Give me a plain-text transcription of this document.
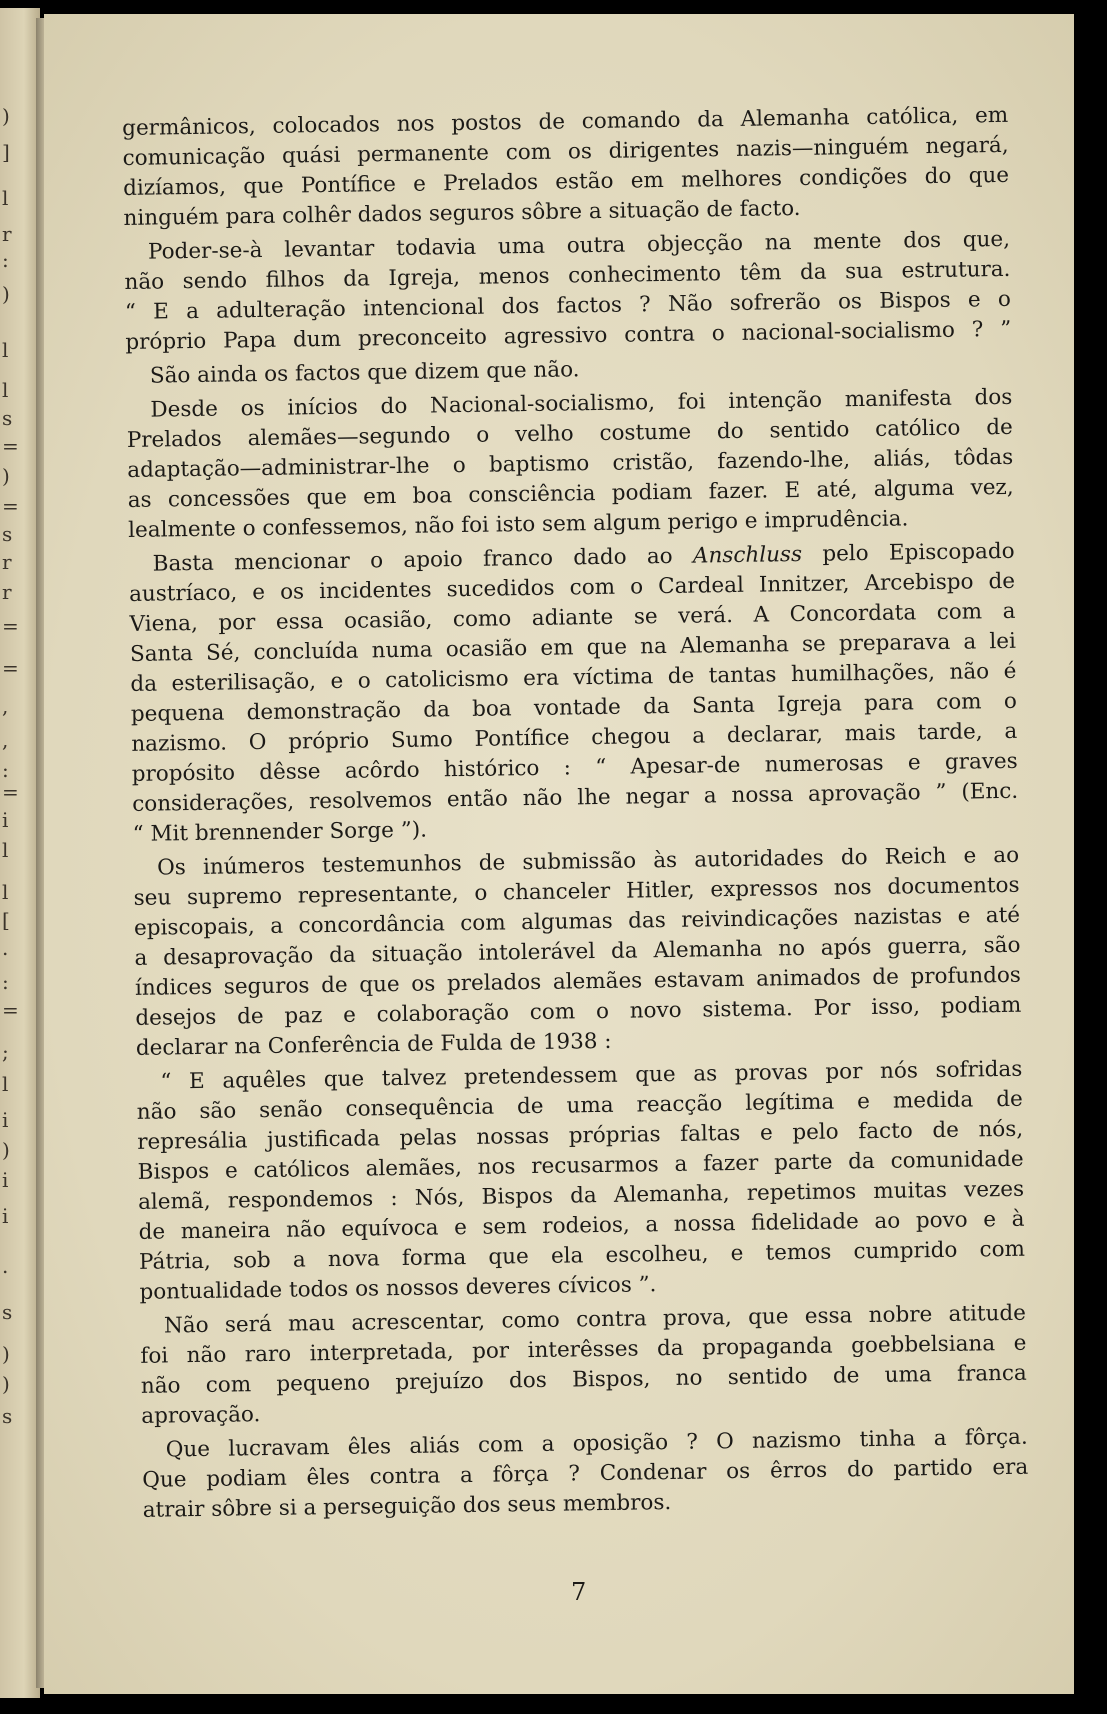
)
]
l
r
:
)
l
l
s
=
)
=
s
r
r
=
=
,
,
:
=
i
l
l
[
.
:
=
;
l
i
)
i
i
.
s
)
)
s
germânicos, colocados nos postos de comando da Alemanha católica, em
comunicação quási permanente com os dirigentes nazis—ninguém negará,
dizíamos, que Pontífice e Prelados estão em melhores condições do que
ninguém para colhêr dados seguros sôbre a situação de facto.
Poder-se-à levantar todavia uma outra objecção na mente dos que,
não sendo filhos da Igreja, menos conhecimento têm da sua estrutura.
“ E a adulteração intencional dos factos ? Não sofrerão os Bispos e o
próprio Papa dum preconceito agressivo contra o nacional-socialismo ? ”
São ainda os factos que dizem que não.
Desde os inícios do Nacional-socialismo, foi intenção manifesta dos
Prelados alemães—segundo o velho costume do sentido católico de
adaptação—administrar-lhe o baptismo cristão, fazendo-lhe, aliás, tôdas
as concessões que em boa consciência podiam fazer. E até, alguma vez,
lealmente o confessemos, não foi isto sem algum perigo e imprudência.
Basta mencionar o apoio franco dado ao Anschluss pelo Episcopado
austríaco, e os incidentes sucedidos com o Cardeal Innitzer, Arcebispo de
Viena, por essa ocasião, como adiante se verá. A Concordata com a
Santa Sé, concluída numa ocasião em que na Alemanha se preparava a lei
da esterilisação, e o catolicismo era víctima de tantas humilhações, não é
pequena demonstração da boa vontade da Santa Igreja para com o
nazismo. O próprio Sumo Pontífice chegou a declarar, mais tarde, a
propósito dêsse acôrdo histórico : “ Apesar-de numerosas e graves
considerações, resolvemos então não lhe negar a nossa aprovação ” (Enc.
“ Mit brennender Sorge ”).
Os inúmeros testemunhos de submissão às autoridades do Reich e ao
seu supremo representante, o chanceler Hitler, expressos nos documentos
episcopais, a concordância com algumas das reivindicações nazistas e até
a desaprovação da situação intolerável da Alemanha no após guerra, são
índices seguros de que os prelados alemães estavam animados de profundos
desejos de paz e colaboração com o novo sistema. Por isso, podiam
declarar na Conferência de Fulda de 1938 :
“ E aquêles que talvez pretendessem que as provas por nós sofridas
não são senão consequência de uma reacção legítima e medida de
represália justificada pelas nossas próprias faltas e pelo facto de nós,
Bispos e católicos alemães, nos recusarmos a fazer parte da comunidade
alemã, respondemos : Nós, Bispos da Alemanha, repetimos muitas vezes
de maneira não equívoca e sem rodeios, a nossa fidelidade ao povo e à
Pátria, sob a nova forma que ela escolheu, e temos cumprido com
pontualidade todos os nossos deveres cívicos ”.
Não será mau acrescentar, como contra prova, que essa nobre atitude
foi não raro interpretada, por interêsses da propaganda goebbelsiana e
não com pequeno prejuízo dos Bispos, no sentido de uma franca
aprovação.
Que lucravam êles aliás com a oposição ? O nazismo tinha a fôrça.
Que podiam êles contra a fôrça ? Condenar os êrros do partido era
atrair sôbre si a perseguição dos seus membros.
7
